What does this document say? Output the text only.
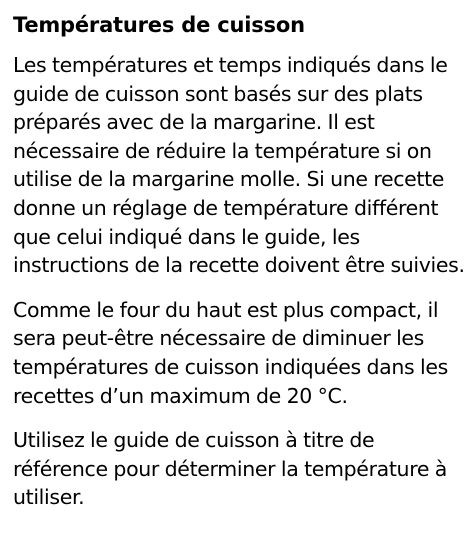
Températures de cuisson

Les températures et temps indiqués dans le guide de cuisson sont basés sur des plats préparés avec de la margarine. Il est nécessaire de réduire la température si on utilise de la margarine molle. Si une recette donne un réglage de température différent que celui indiqué dans le guide, les instructions de la recette doivent être suivies.

Comme le four du haut est plus compact, il sera peut-être nécessaire de diminuer les températures de cuisson indiquées dans les recettes d’un maximum de 20 °C.

Utilisez le guide de cuisson à titre de référence pour déterminer la température à utiliser.
